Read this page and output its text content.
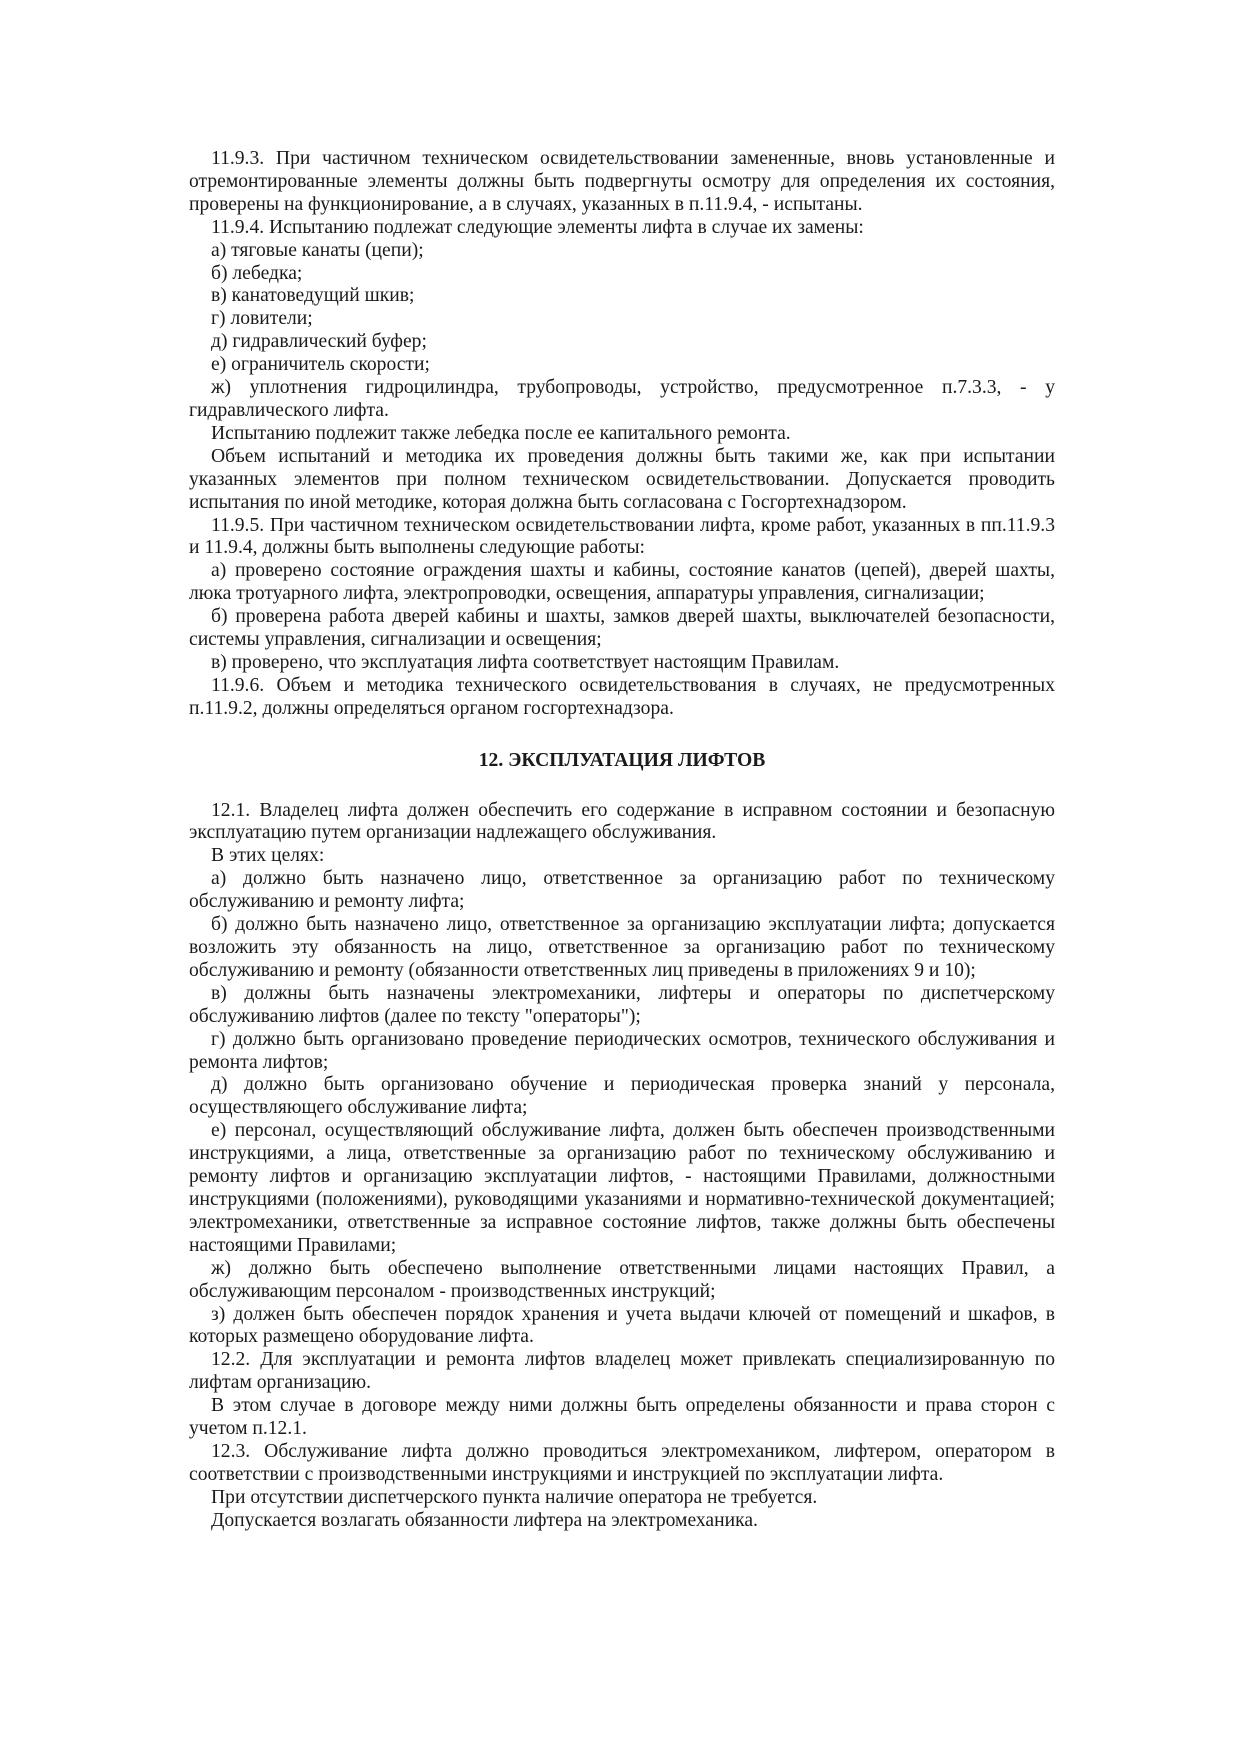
11.9.3. При частичном техническом освидетельствовании замененные, вновь установленные и отремонтированные элементы должны быть подвергнуты осмотру для определения их состояния, проверены на функционирование, а в случаях, указанных в п.11.9.4, - испытаны.

11.9.4. Испытанию подлежат следующие элементы лифта в случае их замены:

а) тяговые канаты (цепи);

б) лебедка;

в) канатоведущий шкив;

г) ловители;

д) гидравлический буфер;

е) ограничитель скорости;

ж) уплотнения гидроцилиндра, трубопроводы, устройство, предусмотренное п.7.3.3, - у гидравлического лифта.

Испытанию подлежит также лебедка после ее капитального ремонта.

Объем испытаний и методика их проведения должны быть такими же, как при испытании указанных элементов при полном техническом освидетельствовании. Допускается проводить испытания по иной методике, которая должна быть согласована с Госгортехнадзором.

11.9.5. При частичном техническом освидетельствовании лифта, кроме работ, указанных в пп.11.9.3 и 11.9.4, должны быть выполнены следующие работы:

а) проверено состояние ограждения шахты и кабины, состояние канатов (цепей), дверей шахты, люка тротуарного лифта, электропроводки, освещения, аппаратуры управления, сигнализации;

б) проверена работа дверей кабины и шахты, замков дверей шахты, выключателей безопасности, системы управления, сигнализации и освещения;

в) проверено, что эксплуатация лифта соответствует настоящим Правилам.

11.9.6. Объем и методика технического освидетельствования в случаях, не предусмотренных п.11.9.2, должны определяться органом госгортехнадзора.

12. ЭКСПЛУАТАЦИЯ ЛИФТОВ

12.1. Владелец лифта должен обеспечить его содержание в исправном состоянии и безопасную эксплуатацию путем организации надлежащего обслуживания.

В этих целях:

а) должно быть назначено лицо, ответственное за организацию работ по техническому обслуживанию и ремонту лифта;

б) должно быть назначено лицо, ответственное за организацию эксплуатации лифта; допускается возложить эту обязанность на лицо, ответственное за организацию работ по техническому обслуживанию и ремонту (обязанности ответственных лиц приведены в приложениях 9 и 10);

в) должны быть назначены электромеханики, лифтеры и операторы по диспетчерскому обслуживанию лифтов (далее по тексту "операторы");

г) должно быть организовано проведение периодических осмотров, технического обслуживания и ремонта лифтов;

д) должно быть организовано обучение и периодическая проверка знаний у персонала, осуществляющего обслуживание лифта;

е) персонал, осуществляющий обслуживание лифта, должен быть обеспечен производственными инструкциями, а лица, ответственные за организацию работ по техническому обслуживанию и ремонту лифтов и организацию эксплуатации лифтов, - настоящими Правилами, должностными инструкциями (положениями), руководящими указаниями и нормативно-технической документацией; электромеханики, ответственные за исправное состояние лифтов, также должны быть обеспечены настоящими Правилами;

ж) должно быть обеспечено выполнение ответственными лицами настоящих Правил, а обслуживающим персоналом - производственных инструкций;

з) должен быть обеспечен порядок хранения и учета выдачи ключей от помещений и шкафов, в которых размещено оборудование лифта.

12.2. Для эксплуатации и ремонта лифтов владелец может привлекать специализированную по лифтам организацию.

В этом случае в договоре между ними должны быть определены обязанности и права сторон с учетом п.12.1.

12.3. Обслуживание лифта должно проводиться электромехаником, лифтером, оператором в соответствии с производственными инструкциями и инструкцией по эксплуатации лифта.

При отсутствии диспетчерского пункта наличие оператора не требуется.

Допускается возлагать обязанности лифтера на электромеханика.
